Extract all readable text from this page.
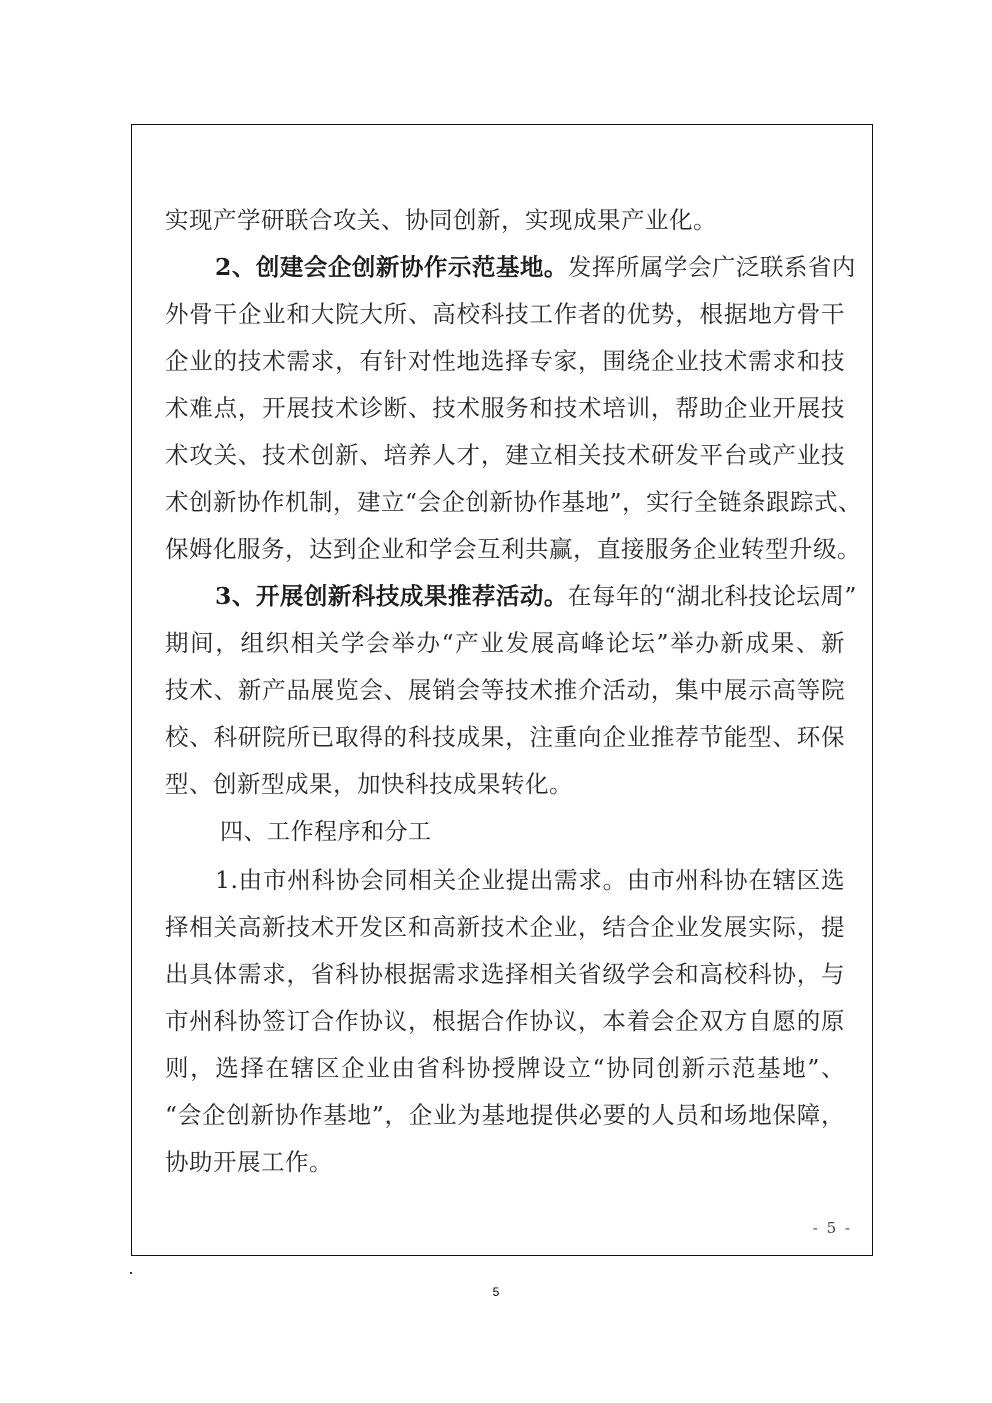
- 5 -
实现产学研联合攻关、协同创新，实现成果产业化。
2、创建会企创新协作示范基地。发挥所属学会广泛联系省内
外骨干企业和大院大所、高校科技工作者的优势，根据地方骨干
企业的技术需求，有针对性地选择专家，围绕企业技术需求和技
术难点，开展技术诊断、技术服务和技术培训，帮助企业开展技
术攻关、技术创新、培养人才，建立相关技术研发平台或产业技
术创新协作机制，建立“会企创新协作基地”，实行全链条跟踪式、
保姆化服务，达到企业和学会互利共赢，直接服务企业转型升级。
3、开展创新科技成果推荐活动。在每年的“湖北科技论坛周”
期间，组织相关学会举办“产业发展高峰论坛”举办新成果、新
技术、新产品展览会、展销会等技术推介活动，集中展示高等院
校、科研院所已取得的科技成果，注重向企业推荐节能型、环保
型、创新型成果，加快科技成果转化。
四、工作程序和分工
1.由市州科协会同相关企业提出需求。由市州科协在辖区选
择相关高新技术开发区和高新技术企业，结合企业发展实际，提
出具体需求，省科协根据需求选择相关省级学会和高校科协，与
市州科协签订合作协议，根据合作协议，本着会企双方自愿的原
则，选择在辖区企业由省科协授牌设立“协同创新示范基地”、
“会企创新协作基地”，企业为基地提供必要的人员和场地保障，
协助开展工作。
5
